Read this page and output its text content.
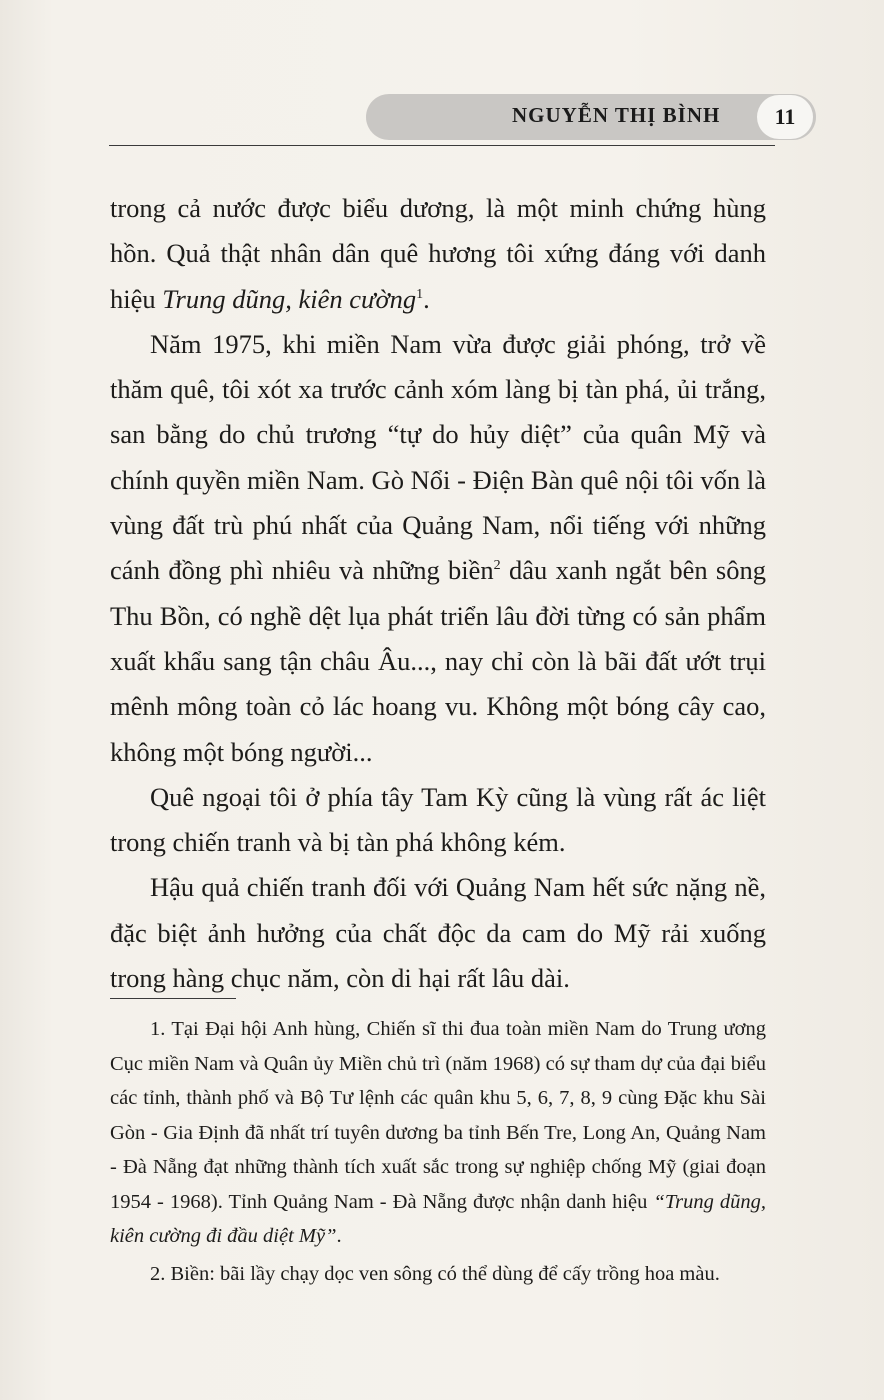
NGUYỄN THỊ BÌNH	11

trong cả nước được biểu dương, là một minh chứng hùng hồn. Quả thật nhân dân quê hương tôi xứng đáng với danh hiệu Trung dũng, kiên cường$^1$.

Năm 1975, khi miền Nam vừa được giải phóng, trở về thăm quê, tôi xót xa trước cảnh xóm làng bị tàn phá, ủi trắng, san bằng do chủ trương “tự do hủy diệt” của quân Mỹ và chính quyền miền Nam. Gò Nổi - Điện Bàn quê nội tôi vốn là vùng đất trù phú nhất của Quảng Nam, nổi tiếng với những cánh đồng phì nhiêu và những biền$^2$ dâu xanh ngắt bên sông Thu Bồn, có nghề dệt lụa phát triển lâu đời từng có sản phẩm xuất khẩu sang tận châu Âu..., nay chỉ còn là bãi đất ướt trụi mênh mông toàn cỏ lác hoang vu. Không một bóng cây cao, không một bóng người...

Quê ngoại tôi ở phía tây Tam Kỳ cũng là vùng rất ác liệt trong chiến tranh và bị tàn phá không kém.

Hậu quả chiến tranh đối với Quảng Nam hết sức nặng nề, đặc biệt ảnh hưởng của chất độc da cam do Mỹ rải xuống trong hàng chục năm, còn di hại rất lâu dài.

1. Tại Đại hội Anh hùng, Chiến sĩ thi đua toàn miền Nam do Trung ương Cục miền Nam và Quân ủy Miền chủ trì (năm 1968) có sự tham dự của đại biểu các tỉnh, thành phố và Bộ Tư lệnh các quân khu 5, 6, 7, 8, 9 cùng Đặc khu Sài Gòn - Gia Định đã nhất trí tuyên dương ba tỉnh Bến Tre, Long An, Quảng Nam - Đà Nẵng đạt những thành tích xuất sắc trong sự nghiệp chống Mỹ (giai đoạn 1954 - 1968). Tỉnh Quảng Nam - Đà Nẵng được nhận danh hiệu “Trung dũng, kiên cường đi đầu diệt Mỹ”.

2. Biền: bãi lầy chạy dọc ven sông có thể dùng để cấy trồng hoa màu.
